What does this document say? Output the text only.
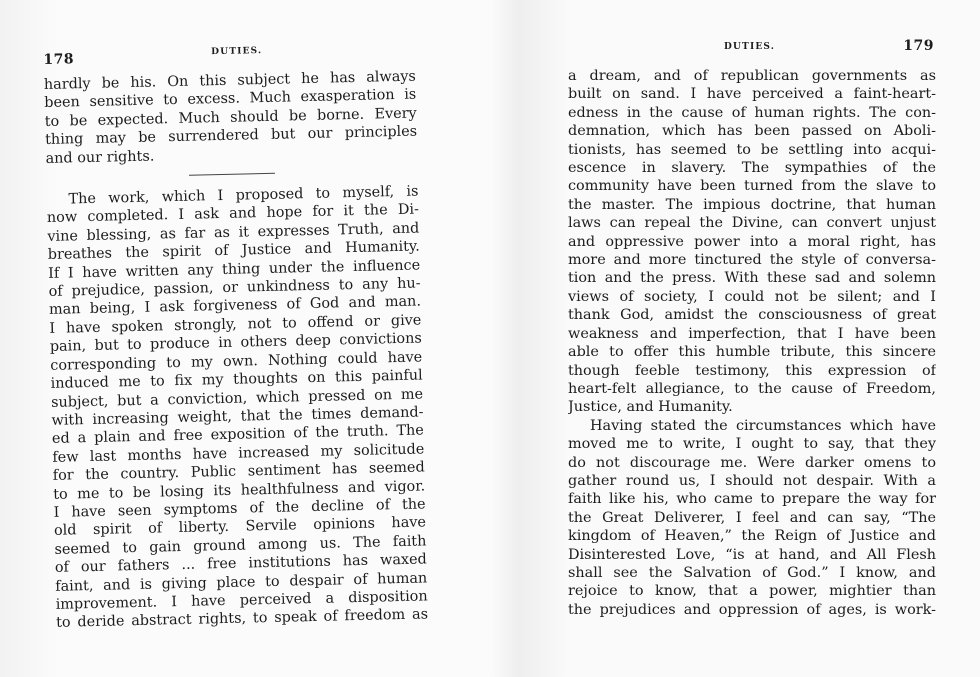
178	DUTIES.
hardly be his. On this subject he has always
been sensitive to excess. Much exasperation is
to be expected. Much should be borne. Every
thing may be surrendered but our principles
and our rights.
The work, which I proposed to myself, is
now completed. I ask and hope for it the Di-
vine blessing, as far as it expresses Truth, and
breathes the spirit of Justice and Humanity.
If I have written any thing under the influence
of prejudice, passion, or unkindness to any hu-
man being, I ask forgiveness of God and man.
I have spoken strongly, not to offend or give
pain, but to produce in others deep convictions
corresponding to my own. Nothing could have
induced me to fix my thoughts on this painful
subject, but a conviction, which pressed on me
with increasing weight, that the times demand-
ed a plain and free exposition of the truth. The
few last months have increased my solicitude
for the country. Public sentiment has seemed
to me to be losing its healthfulness and vigor.
I have seen symptoms of the decline of the
old spirit of liberty. Servile opinions have
seemed to gain ground among us. The faith
of our fathers ... free institutions has waxed
faint, and is giving place to despair of human
improvement. I have perceived a disposition
to deride abstract rights, to speak of freedom as
DUTIES.	179
a dream, and of republican governments as
built on sand. I have perceived a faint-heart-
edness in the cause of human rights. The con-
demnation, which has been passed on Aboli-
tionists, has seemed to be settling into acqui-
escence in slavery. The sympathies of the
community have been turned from the slave to
the master. The impious doctrine, that human
laws can repeal the Divine, can convert unjust
and oppressive power into a moral right, has
more and more tinctured the style of conversa-
tion and the press. With these sad and solemn
views of society, I could not be silent; and I
thank God, amidst the consciousness of great
weakness and imperfection, that I have been
able to offer this humble tribute, this sincere
though feeble testimony, this expression of
heart-felt allegiance, to the cause of Freedom,
Justice, and Humanity.
Having stated the circumstances which have
moved me to write, I ought to say, that they
do not discourage me. Were darker omens to
gather round us, I should not despair. With a
faith like his, who came to prepare the way for
the Great Deliverer, I feel and can say, “The
kingdom of Heaven,” the Reign of Justice and
Disinterested Love, “is at hand, and All Flesh
shall see the Salvation of God.” I know, and
rejoice to know, that a power, mightier than
the prejudices and oppression of ages, is work-
